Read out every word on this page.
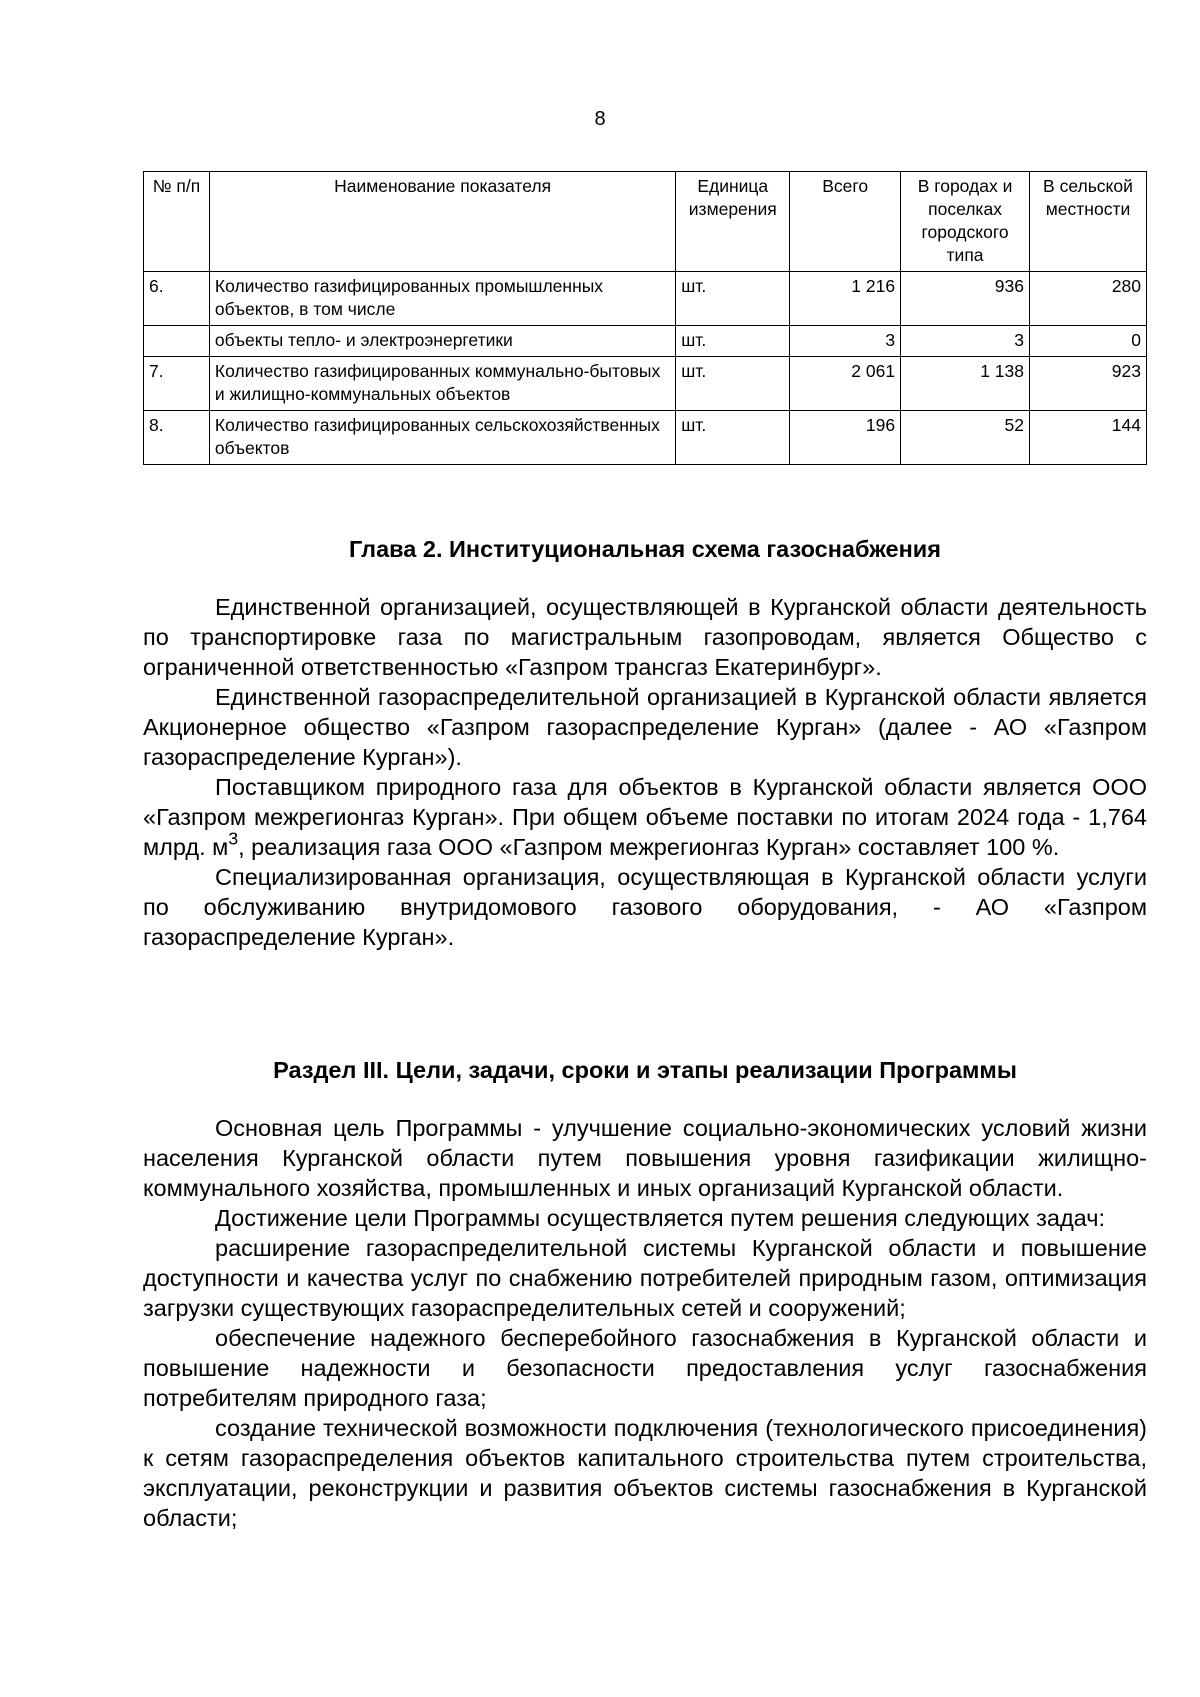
8
№ п/п	Наименование показателя	Единица измерения	Всего	В городах и поселках городского типа	В сельской местности
6.	Количество газифицированных промышленных объектов, в том числе	шт.	1 216	936	280
	объекты тепло- и электроэнергетики	шт.	3	3	0
7.	Количество газифицированных коммунально-бытовых и жилищно-коммунальных объектов	шт.	2 061	1 138	923
8.	Количество газифицированных сельскохозяйственных объектов	шт.	196	52	144
Глава 2. Институциональная схема газоснабжения

Единственной организацией, осуществляющей в Курганской области деятельность по транспортировке газа по магистральным газопроводам, является Общество с ограниченной ответственностью «Газпром трансгаз Екатеринбург».

Единственной газораспределительной организацией в Курганской области является Акционерное общество «Газпром газораспределение Курган» (далее - АО «Газпром газораспределение Курган»).

Поставщиком природного газа для объектов в Курганской области является ООО «Газпром межрегионгаз Курган». При общем объеме поставки по итогам 2024 года - 1,764 млрд. $м^3$, реализация газа ООО «Газпром межрегионгаз Курган» составляет 100 %.

Специализированная организация, осуществляющая в Курганской области услуги по обслуживанию внутридомового газового оборудования, - АО «Газпром газораспределение Курган».

Раздел III. Цели, задачи, сроки и этапы реализации Программы

Основная цель Программы - улучшение социально-экономических условий жизни населения Курганской области путем повышения уровня газификации жилищно-коммунального хозяйства, промышленных и иных организаций Курганской области.

Достижение цели Программы осуществляется путем решения следующих задач:

расширение газораспределительной системы Курганской области и повышение доступности и качества услуг по снабжению потребителей природным газом, оптимизация загрузки существующих газораспределительных сетей и сооружений;

обеспечение надежного бесперебойного газоснабжения в Курганской области и повышение надежности и безопасности предоставления услуг газоснабжения потребителям природного газа;

создание технической возможности подключения (технологического присоединения) к сетям газораспределения объектов капитального строительства путем строительства, эксплуатации, реконструкции и развития объектов системы газоснабжения в Курганской области;
